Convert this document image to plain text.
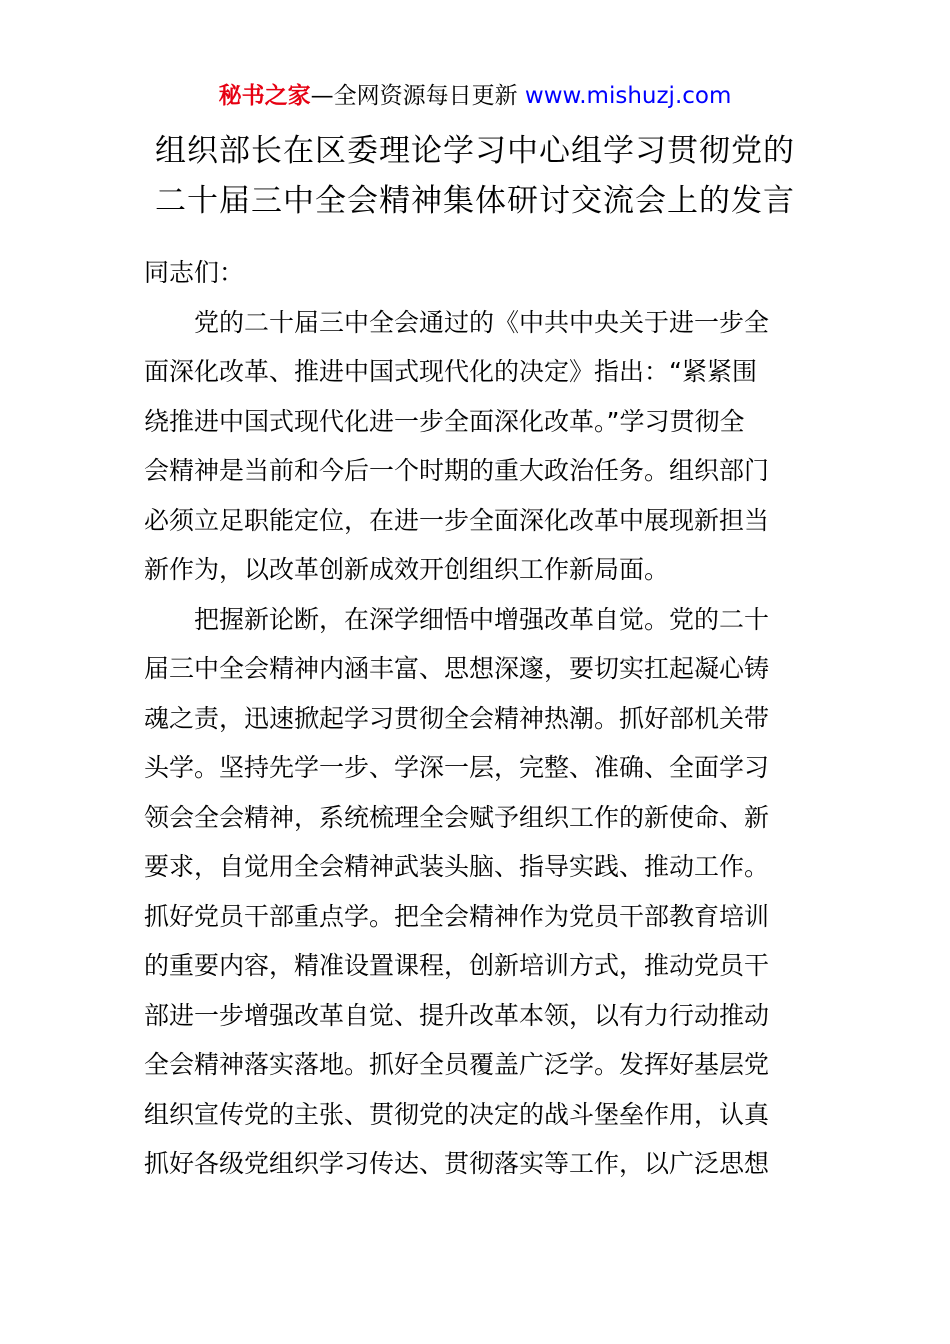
秘书之家—全网资源每日更新 www.mishuzj.com
组织部长在区委理论学习中心组学习贯彻党的
二十届三中全会精神集体研讨交流会上的发言
同志们：
　　党的二十届三中全会通过的《中共中央关于进一步全
面深化改革、推进中国式现代化的决定》指出：“紧紧围
绕推进中国式现代化进一步全面深化改革。”学习贯彻全
会精神是当前和今后一个时期的重大政治任务。组织部门
必须立足职能定位，在进一步全面深化改革中展现新担当
新作为，以改革创新成效开创组织工作新局面。
　　把握新论断，在深学细悟中增强改革自觉。党的二十
届三中全会精神内涵丰富、思想深邃，要切实扛起凝心铸
魂之责，迅速掀起学习贯彻全会精神热潮。抓好部机关带
头学。坚持先学一步、学深一层，完整、准确、全面学习
领会全会精神，系统梳理全会赋予组织工作的新使命、新
要求，自觉用全会精神武装头脑、指导实践、推动工作。
抓好党员干部重点学。把全会精神作为党员干部教育培训
的重要内容，精准设置课程，创新培训方式，推动党员干
部进一步增强改革自觉、提升改革本领，以有力行动推动
全会精神落实落地。抓好全员覆盖广泛学。发挥好基层党
组织宣传党的主张、贯彻党的决定的战斗堡垒作用，认真
抓好各级党组织学习传达、贯彻落实等工作，以广泛思想
